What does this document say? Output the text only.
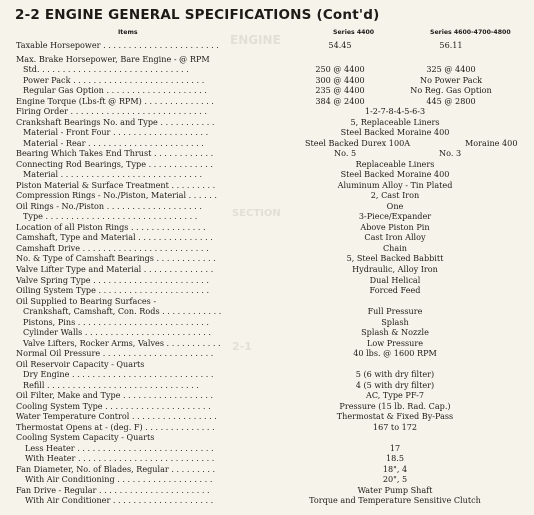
ENGINE
SECTION
2-1
2-2 ENGINE GENERAL SPECIFICATIONS (Cont'd)
Items	Series 4400	Series 4600-4700-4800
Taxable Horsepower . . . . . . . . . . . . . . . . . . . . . . .	54.45	56.11
Max. Brake Horsepower, Bare Engine - @ RPM
Std. . . . . . . . . . . . . . . . . . . . . . . . . . . . . .	250 @ 4400	325 @ 4400
Power Pack . . . . . . . . . . . . . . . . . . . . . . . . . .	300 @ 4400	No Power Pack
Regular Gas Option . . . . . . . . . . . . . . . . . . . .	235 @ 4400	No Reg. Gas Option
Engine Torque (Lbs-ft @ RPM) . . . . . . . . . . . . . .	384 @ 2400	445 @ 2800
Firing Order . . . . . . . . . . . . . . . . . . . . . . . . . . .	1-2-7-8-4-5-6-3
Crankshaft Bearings No. and Type . . . . . . . . . . .	5, Replaceable Liners
Material - Front Four . . . . . . . . . . . . . . . . . . .	Steel Backed Moraine 400
Material - Rear . . . . . . . . . . . . . . . . . . . . . . .	Steel Backed Durex 100A	Moraine 400
Bearing Which Takes End Thrust . . . . . . . . . . . .	No. 5	No. 3
Connecting Rod Bearings, Type . . . . . . . . . . . . .	Replaceable Liners
Material . . . . . . . . . . . . . . . . . . . . . . . . . . . .	Steel Backed Moraine 400
Piston Material & Surface Treatment . . . . . . . . .	Aluminum Alloy - Tin Plated
Compression Rings - No./Piston, Material . . . . . .	2, Cast Iron
Oil Rings - No./Piston . . . . . . . . . . . . . . . . . . .	One
Type . . . . . . . . . . . . . . . . . . . . . . . . . . . . . .	3-Piece/Expander
Location of all Piston Rings . . . . . . . . . . . . . . .	Above Piston Pin
Camshaft, Type and Material . . . . . . . . . . . . . . .	Cast Iron Alloy
Camshaft Drive . . . . . . . . . . . . . . . . . . . . . . . . .	Chain
No. & Type of Camshaft Bearings . . . . . . . . . . . .	5, Steel Backed Babbitt
Valve Lifter Type and Material . . . . . . . . . . . . . .	Hydraulic, Alloy Iron
Valve Spring Type . . . . . . . . . . . . . . . . . . . . . . .	Dual Helical
Oiling System Type . . . . . . . . . . . . . . . . . . . . . .	Forced Feed
Oil Supplied to Bearing Surfaces -
Crankshaft, Camshaft, Con. Rods . . . . . . . . . . . .	Full Pressure
Pistons, Pins . . . . . . . . . . . . . . . . . . . . . . . . . .	Splash
Cylinder Walls . . . . . . . . . . . . . . . . . . . . . . . . .	Splash & Nozzle
Valve Lifters, Rocker Arms, Valves . . . . . . . . . . .	Low Pressure
Normal Oil Pressure . . . . . . . . . . . . . . . . . . . . . .	40 lbs. @ 1600 RPM
Oil Reservoir Capacity - Quarts
Dry Engine . . . . . . . . . . . . . . . . . . . . . . . . . . . .	5 (6 with dry filter)
Refill . . . . . . . . . . . . . . . . . . . . . . . . . . . . . .	4 (5 with dry filter)
Oil Filter, Make and Type . . . . . . . . . . . . . . . . . .	AC, Type PF-7
Cooling System Type . . . . . . . . . . . . . . . . . . . . .	Pressure (15 lb. Rad. Cap.)
Water Temperature Control . . . . . . . . . . . . . . . . .	Thermostat & Fixed By-Pass
Thermostat Opens at - (deg. F) . . . . . . . . . . . . . .	167 to 172
Cooling System Capacity - Quarts
Less Heater . . . . . . . . . . . . . . . . . . . . . . . . . . .	17
With Heater . . . . . . . . . . . . . . . . . . . . . . . . . . .	18.5
Fan Diameter, No. of Blades, Regular . . . . . . . . .	18", 4
With Air Conditioning . . . . . . . . . . . . . . . . . . .	20", 5
Fan Drive - Regular . . . . . . . . . . . . . . . . . . . . . .	Water Pump Shaft
With Air Conditioner . . . . . . . . . . . . . . . . . . . .	Torque and Temperature Sensitive Clutch
